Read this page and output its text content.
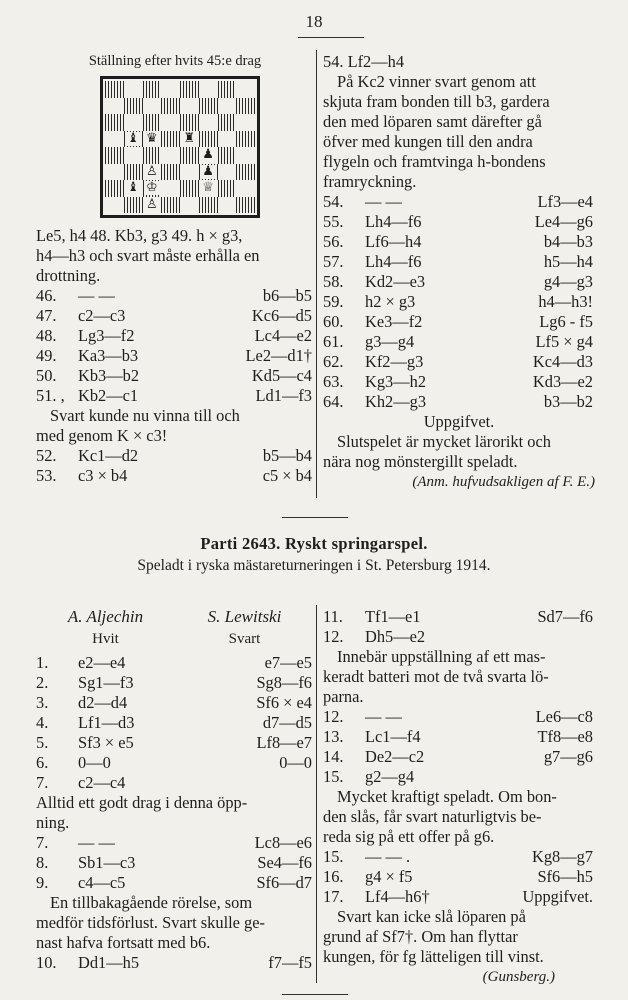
18
Ställning efter hvits 45:e drag
♝ ♛ ♜
♟
♙	♟
♝ ♔	♕
♙
Le5, h4 48. Kb3, g3 49. h × g3,
h4—h3 och svart måste erhålla en
drottning.
46.	— —	b6—b5
47.	c2—c3	Kc6—d5
48.	Lg3—f2	Lc4—e2
49.	Ka3—b3	Le2—d1†
50.	Kb3—b2	Kd5—c4
51. , Kb2—c1	Ld1—f3
Svart kunde nu vinna till och
med genom K × c3!
52.	Kc1—d2	b5—b4
53.	c3 × b4	c5 × b4
54. Lf2—h4
På Kc2 vinner svart genom att
skjuta fram bonden till b3, gardera
den med löparen samt därefter gå
öfver med kungen till den andra
flygeln och framtvinga h-bondens
framryckning.
54.	— —	Lf3—e4
55.	Lh4—f6	Le4—g6
56.	Lf6—h4	b4—b3
57.	Lh4—f6	h5—h4
58.	Kd2—e3	g4—g3
59.	h2 × g3	h4—h3!
60.	Ke3—f2	Lg6 - f5
61.	g3—g4	Lf5 × g4
62.	Kf2—g3	Kc4—d3
63.	Kg3—h2	Kd3—e2
64.	Kh2—g3	b3—b2
Uppgifvet.
Slutspelet är mycket lärorikt och
nära nog mönstergillt speladt.
(Anm. hufvudsakligen af F. E.)
Parti 2643. Ryskt springarspel.
Speladt i ryska mästareturneringen i St. Petersburg 1914.
A. Aljechin	S. Lewitski
Hvit	Svart
1.	e2—e4	e7—e5
2.	Sg1—f3	Sg8—f6
3.	d2—d4	Sf6 × e4
4.	Lf1—d3	d7—d5
5.	Sf3 × e5	Lf8—e7
6.	0—0	0—0
7.	c2—c4
Alltid ett godt drag i denna öpp-
ning.
7.	— —	Lc8—e6
8.	Sb1—c3	Se4—f6
9.	c4—c5	Sf6—d7
En tillbakagående rörelse, som
medför tidsförlust. Svart skulle ge-
nast hafva fortsatt med b6.
10.	Dd1—h5	f7—f5
11.	Tf1—e1	Sd7—f6
12.	Dh5—e2
Innebär uppställning af ett mas-
keradt batteri mot de två svarta lö-
parna.
12.	— —	Le6—c8
13.	Lc1—f4	Tf8—e8
14.	De2—c2	g7—g6
15.	g2—g4
Mycket kraftigt speladt. Om bon-
den slås, får svart naturligtvis be-
reda sig på ett offer på g6.
15.	— — .	Kg8—g7
16.	g4 × f5	Sf6—h5
17.	Lf4—h6†	Uppgifvet.
Svart kan icke slå löparen på
grund af Sf7†. Om han flyttar
kungen, för fg lätteligen till vinst.
(Gunsberg.)
